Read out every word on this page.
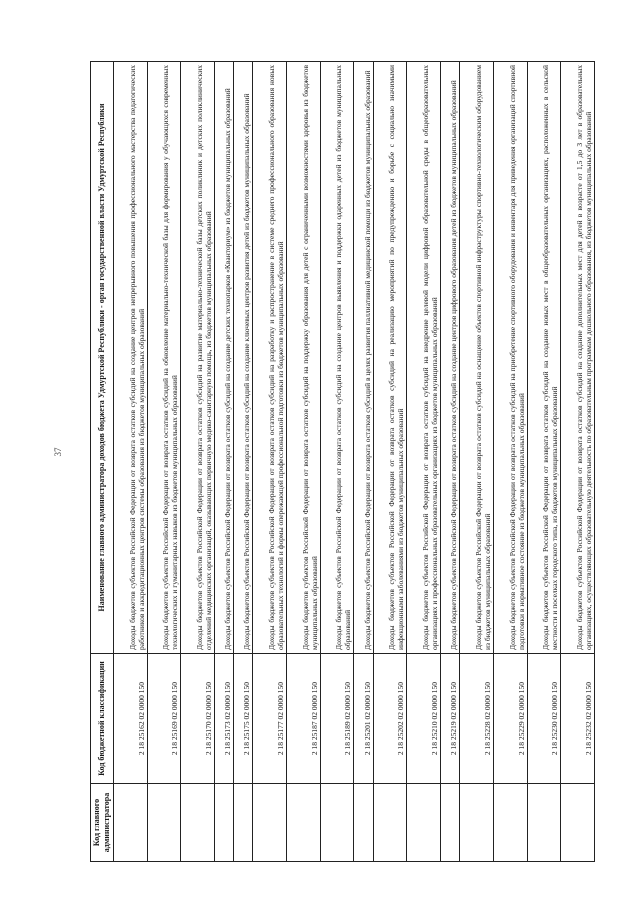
37
Код главного администратора	Код бюджетной классификации	Наименование главного администратора доходов бюджета Удмуртской Республики - орган государственной власти Удмуртской Республики
	2 18 25162 02 0000 150	Доходы бюджетов субъектов Российской Федерации от возврата остатков субсидий на создание центров непрерывного повышения профессионального мастерства педагогических работников и аккредитационных центров системы образования из бюджетов муниципальных образований
	2 18 25169 02 0000 150	Доходы бюджетов субъектов Российской Федерации от возврата остатков субсидий на обновление материально-технической базы для формирования у обучающихся современных технологических и гуманитарных навыков из бюджетов муниципальных образований
	2 18 25170 02 0000 150	Доходы бюджетов субъектов Российской Федерации от возврата остатков субсидий на развитие материально-технической базы детских поликлиник и детских поликлинических отделений медицинских организаций, оказывающих первичную медико-санитарную помощь, из бюджетов муниципальных образований
	2 18 25173 02 0000 150	Доходы бюджетов субъектов Российской Федерации от возврата остатков субсидий на создание детских технопарков «Кванториум» из бюджетов муниципальных образований
	2 18 25175 02 0000 150	Доходы бюджетов субъектов Российской Федерации от возврата остатков субсидий на создание ключевых центров развития детей из бюджетов муниципальных образований
	2 18 25177 02 0000 150	Доходы бюджетов субъектов Российской Федерации от возврата остатков субсидий на разработку и распространение в системе среднего профессионального образования новых образовательных технологий и формы опережающей профессиональной подготовки из бюджетов муниципальных образований
	2 18 25187 02 0000 150	Доходы бюджетов субъектов Российской Федерации от возврата остатков субсидий на поддержку образования для детей с ограниченными возможностями здоровья из бюджетов муниципальных образований
	2 18 25189 02 0000 150	Доходы бюджетов субъектов Российской Федерации от возврата остатков субсидий на создание центров выявления и поддержки одаренных детей из бюджетов муниципальных образований
	2 18 25201 02 0000 150	Доходы бюджетов субъектов Российской Федерации от возврата остатков субсидий в целях развития паллиативной медицинской помощи из бюджетов муниципальных образований
	2 18 25202 02 0000 150	Доходы бюджетов субъектов Российской Федерации от возврата остатков субсидий на реализацию мероприятий по предупреждению и борьбе с социально значимыми инфекционными заболеваниями из бюджетов муниципальных образований
	2 18 25210 02 0000 150	Доходы бюджетов субъектов Российской Федерации от возврата остатков субсидий на внедрение целевой модели цифровой образовательной среды в общеобразовательных организациях и профессиональных образовательных организациях из бюджетов муниципальных образований
	2 18 25219 02 0000 150	Доходы бюджетов субъектов Российской Федерации от возврата остатков субсидий на создание центров цифрового образования детей из бюджетов муниципальных образований
	2 18 25228 02 0000 150	Доходы бюджетов субъектов Российской Федерации от возврата остатков субсидий на оснащение объектов спортивной инфраструктуры спортивно-технологическим оборудованием из бюджетов муниципальных образований
	2 18 25229 02 0000 150	Доходы бюджетов субъектов Российской Федерации от возврата остатков субсидий на приобретение спортивного оборудования и инвентаря для приведения организаций спортивной подготовки в нормативное состояние из бюджетов муниципальных образований
	2 18 25230 02 0000 150	Доходы бюджетов субъектов Российской Федерации от возврата остатков субсидий на создание новых мест в общеобразовательных организациях, расположенных в сельской местности и поселках городского типа, из бюджетов муниципальных образований
	2 18 25232 02 0000 150	Доходы бюджетов субъектов Российской Федерации от возврата остатков субсидий на создание дополнительных мест для детей в возрасте от 1,5 до 3 лет в образовательных организациях, осуществляющих образовательную деятельность по образовательным программам дошкольного образования, из бюджетов муниципальных образований
